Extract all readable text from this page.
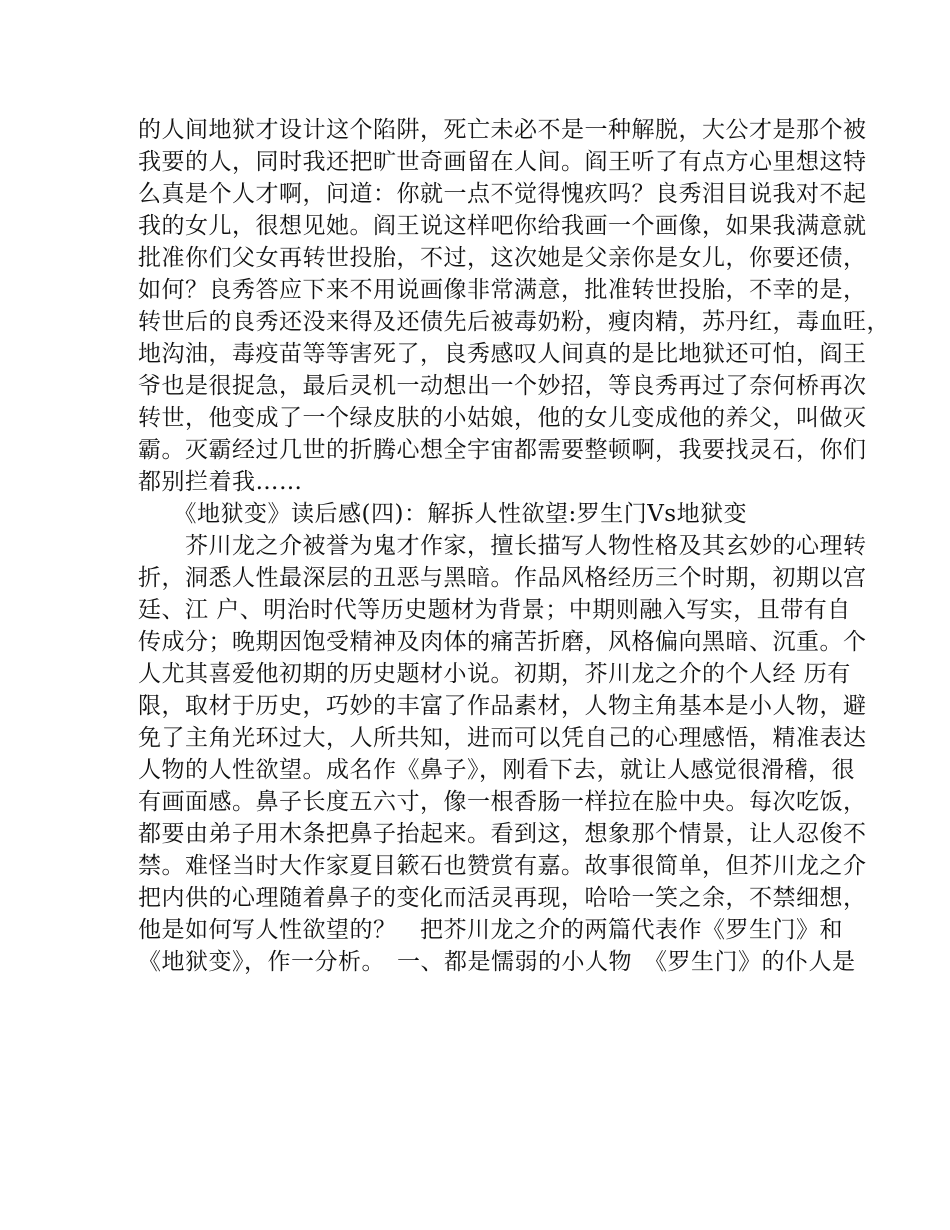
的人间地狱才设计这个陷阱，死亡未必不是一种解脱，大公才是那个被
我要的人，同时我还把旷世奇画留在人间。阎王听了有点方心里想这特
么真是个人才啊，问道：你就一点不觉得愧疚吗？良秀泪目说我对不起
我的女儿，很想见她。阎王说这样吧你给我画一个画像，如果我满意就
批准你们父女再转世投胎，不过，这次她是父亲你是女儿，你要还债，
如何？良秀答应下来不用说画像非常满意，批准转世投胎，不幸的是，
转世后的良秀还没来得及还债先后被毒奶粉，瘦肉精，苏丹红，毒血旺，
地沟油，毒疫苗等等害死了，良秀感叹人间真的是比地狱还可怕，阎王
爷也是很捉急，最后灵机一动想出一个妙招，等良秀再过了奈何桥再次
转世，他变成了一个绿皮肤的小姑娘，他的女儿变成他的养父，叫做灭
霸。灭霸经过几世的折腾心想全宇宙都需要整顿啊，我要找灵石，你们
都别拦着我……
　　《地狱变》读后感(四)：解拆人性欲望:罗生门Vs地狱变
　　芥川龙之介被誉为鬼才作家，擅长描写人物性格及其玄妙的心理转
折，洞悉人性最深层的丑恶与黑暗。作品风格经历三个时期，初期以宫
廷、江 户、明治时代等历史题材为背景；中期则融入写实，且带有自
传成分；晚期因饱受精神及肉体的痛苦折磨，风格偏向黑暗、沉重。个
人尤其喜爱他初期的历史题材小说。初期，芥川龙之介的个人经 历有
限，取材于历史，巧妙的丰富了作品素材，人物主角基本是小人物，避
免了主角光环过大，人所共知，进而可以凭自己的心理感悟，精准表达
人物的人性欲望。成名作《鼻子》，刚看下去，就让人感觉很滑稽，很
有画面感。鼻子长度五六寸，像一根香肠一样拉在脸中央。每次吃饭，
都要由弟子用木条把鼻子抬起来。看到这，想象那个情景，让人忍俊不
禁。难怪当时大作家夏目簌石也赞赏有嘉。故事很简单，但芥川龙之介
把内供的心理随着鼻子的变化而活灵再现，哈哈一笑之余，不禁细想，
他是如何写人性欲望的？　把芥川龙之介的两篇代表作《罗生门》和
《地狱变》，作一分析。　一、都是懦弱的小人物　《罗生门》的仆人是
